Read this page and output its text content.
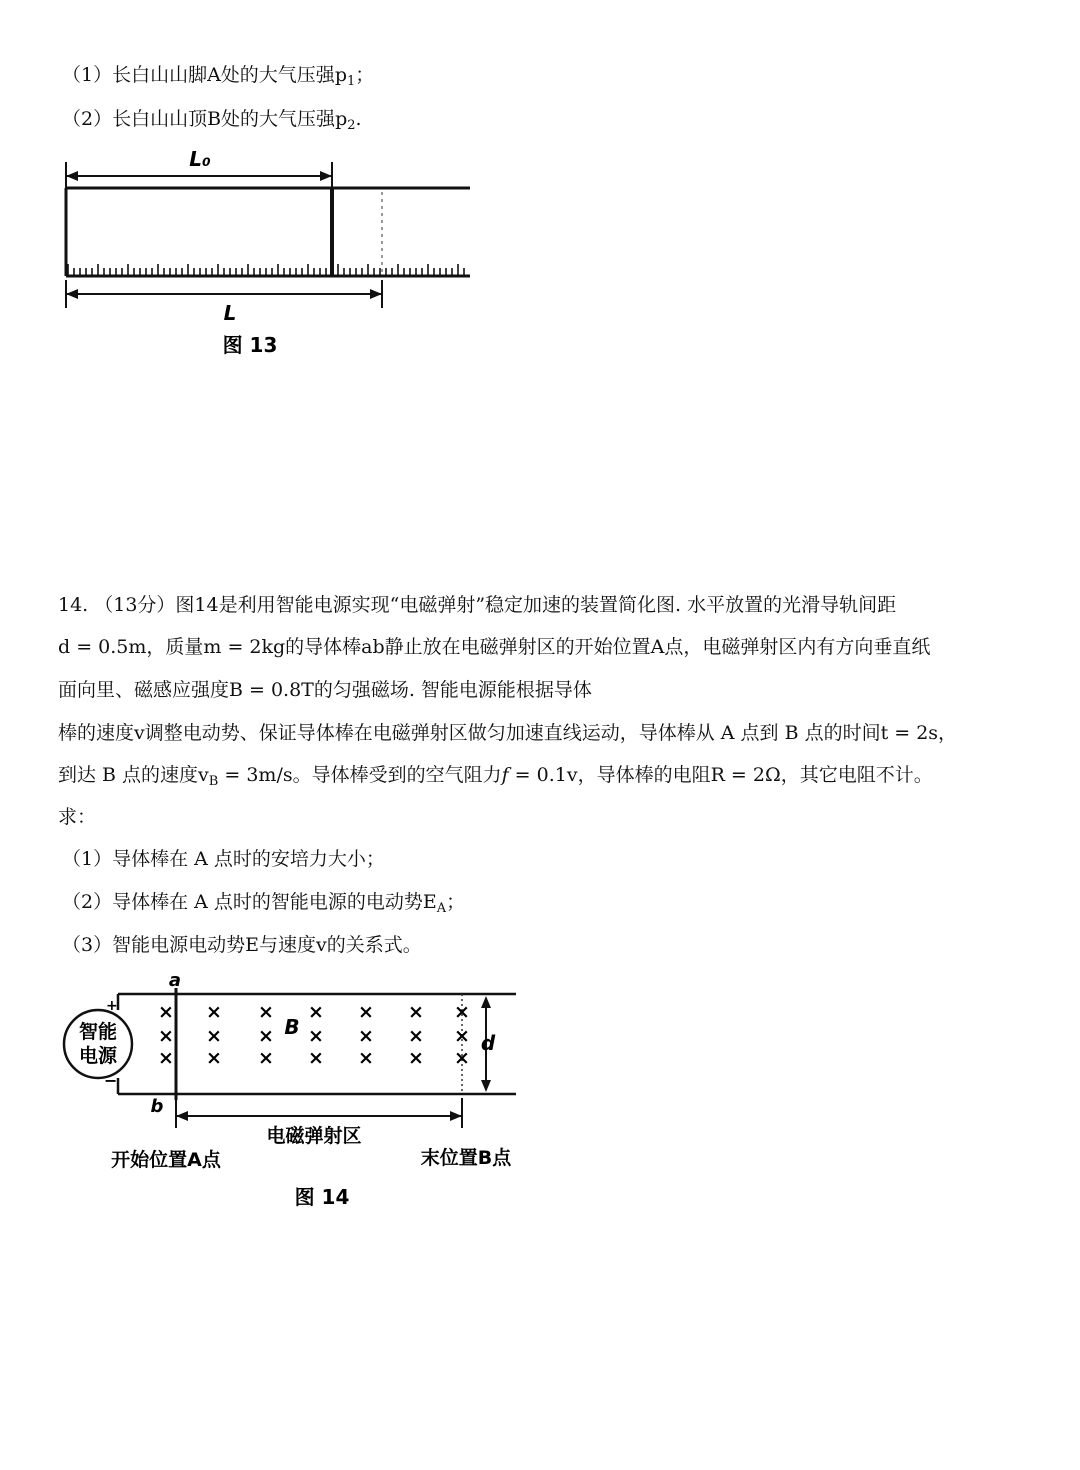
（1）长白山山脚A处的大气压强$p_1$；
（2）长白山山顶B处的大气压强$p_2$.
L₀
L
图 13
14. （13分）图14是利用智能电源实现“电磁弹射”稳定加速的装置简化图. 水平放置的光滑导轨间距
d = 0.5m，质量m = 2kg的导体棒ab静止放在电磁弹射区的开始位置A点，电磁弹射区内有方向垂直纸
面向里、磁感应强度B = 0.8T的匀强磁场. 智能电源能根据导体
棒的速度v调整电动势、保证导体棒在电磁弹射区做匀加速直线运动，导体棒从 A 点到 B 点的时间t = 2s，
到达 B 点的速度$v_B = 3m/s$。导体棒受到的空气阻力𝑓 = 0.1v，导体棒的电阻R = 2Ω，其它电阻不计。
求：
（1）导体棒在 A 点时的安培力大小；
（2）导体棒在 A 点时的智能电源的电动势$E_A$；
（3）智能电源电动势E与速度v的关系式。
智能
电源
+
−
a
b
×
×
×
×
×
×
×
×
×
×
×
×
×
×
×
×
×
×
×
×
×
B
d
电磁弹射区
开始位置A点	末位置B点
图 14
